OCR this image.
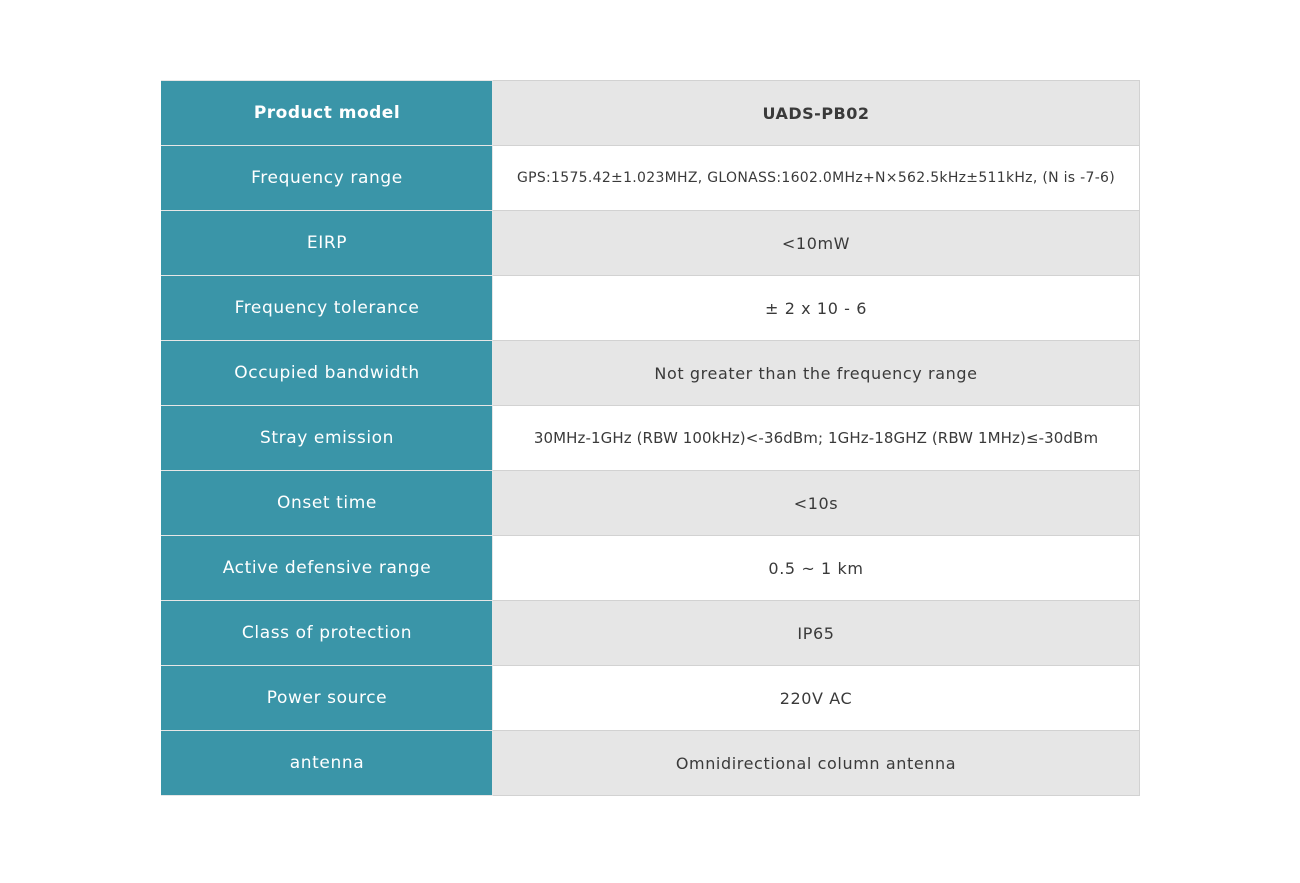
Product model	UADS-PB02
Frequency range	GPS:1575.42±1.023MHZ, GLONASS:1602.0MHz+N×562.5kHz±511kHz, (N is -7-6)
EIRP	<10mW
Frequency tolerance	± 2 x 10 - 6
Occupied bandwidth	Not greater than the frequency range
Stray emission	30MHz-1GHz (RBW 100kHz)<-36dBm; 1GHz-18GHZ (RBW 1MHz)≤-30dBm
Onset time	<10s
Active defensive range	0.5 ~ 1 km
Class of protection	IP65
Power source	220V AC
antenna	Omnidirectional column antenna
